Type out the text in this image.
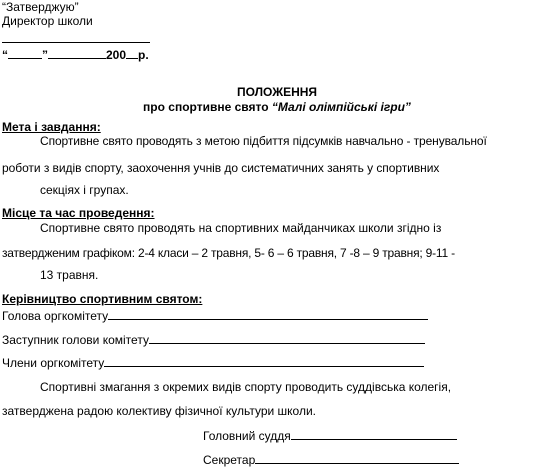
“Затверджую”
Директор школи
“	”	200 р.
ПОЛОЖЕННЯ
про спортивне свято “Малі олімпійські ігри”
Мета і завдання:
Спортивне свято проводять з метою підбиття підсумків навчально - тренувальної
роботи з видів спорту, заохочення учнів до систематичних занять у спортивних
секціях і групах.
Місце та час проведення:
Спортивне свято проводять на спортивних майданчиках школи згідно із
затвердженим графіком: 2-4 класи – 2 травня, 5- 6 – 6 травня, 7 -8 – 9 травня; 9-11 -
13 травня.
Керівництво спортивним святом:
Голова оргкомітету
Заступник голови комітету
Члени оргкомітету
Спортивні змагання з окремих видів спорту проводить суддівська колегія,
затверджена радою колективу фізичної культури школи.
Головний суддя
Секретар
